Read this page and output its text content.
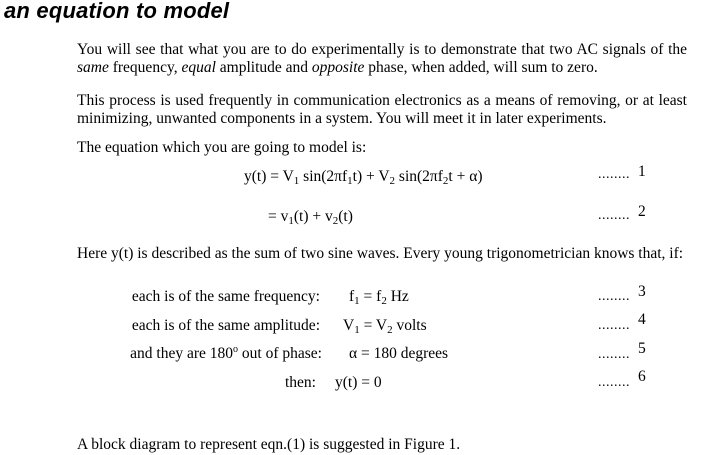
an equation to model
You will see that what you are to do experimentally is to demonstrate that two AC signals of the same frequency, equal amplitude and opposite phase, when added, will sum to zero.
This process is used frequently in communication electronics as a means of removing, or at least minimizing, unwanted components in a system. You will meet it in later experiments.
The equation which you are going to model is:
$y(t) = V_1$ $\sin(2\pi f_1t) + V_2$ $\sin(2\pi f_2t + \alpha)$	........ 1
= $v_1(t) + v_2(t)$	........ 2
Here y(t) is described as the sum of two sine waves. Every young trigonometrician knows that, if:
each is of the same frequency: $f_1 = f_2$ Hz	........ 3
each is of the same amplitude: $V_1 = V_2$ volts	........ 4
and they are 180$^o$ out of phase: α = 180 degrees	........ 5
then: y(t) = 0	........ 6
A block diagram to represent eqn.(1) is suggested in Figure 1.
